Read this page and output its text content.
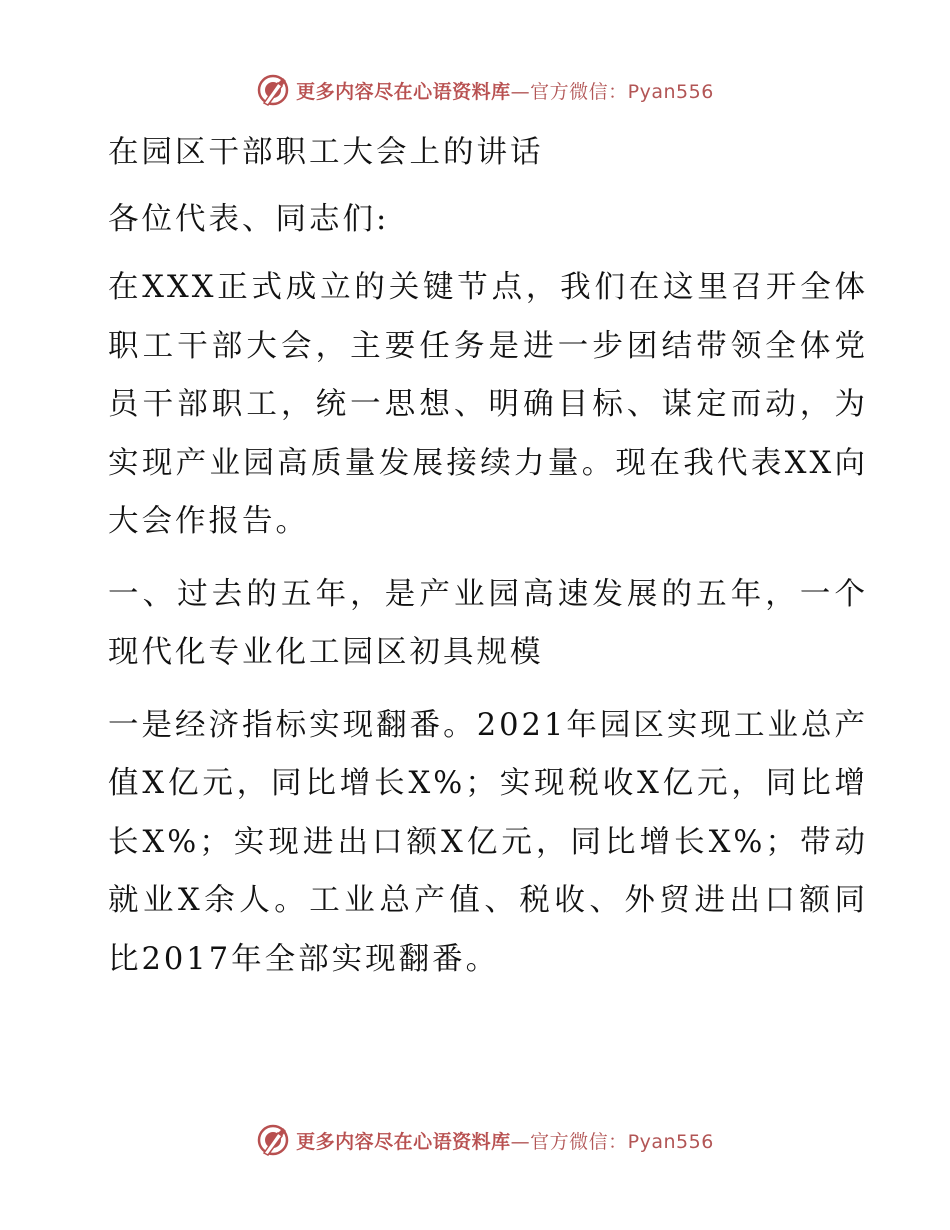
更多内容尽在心语资料库—官方微信：Pyan556

在园区干部职工大会上的讲话

各位代表、同志们:

在XXX正式成立的关键节点，我们在这里召开全体职工干部大会，主要任务是进一步团结带领全体党员干部职工，统一思想、明确目标、谋定而动，为实现产业园高质量发展接续力量。现在我代表XX向大会作报告。

一、过去的五年，是产业园高速发展的五年，一个现代化专业化工园区初具规模

一是经济指标实现翻番。2021年园区实现工业总产值X亿元，同比增长X%；实现税收X亿元，同比增长X%；实现进出口额X亿元，同比增长X%；带动就业X余人。工业总产值、税收、外贸进出口额同比2017年全部实现翻番。

更多内容尽在心语资料库—官方微信：Pyan556
